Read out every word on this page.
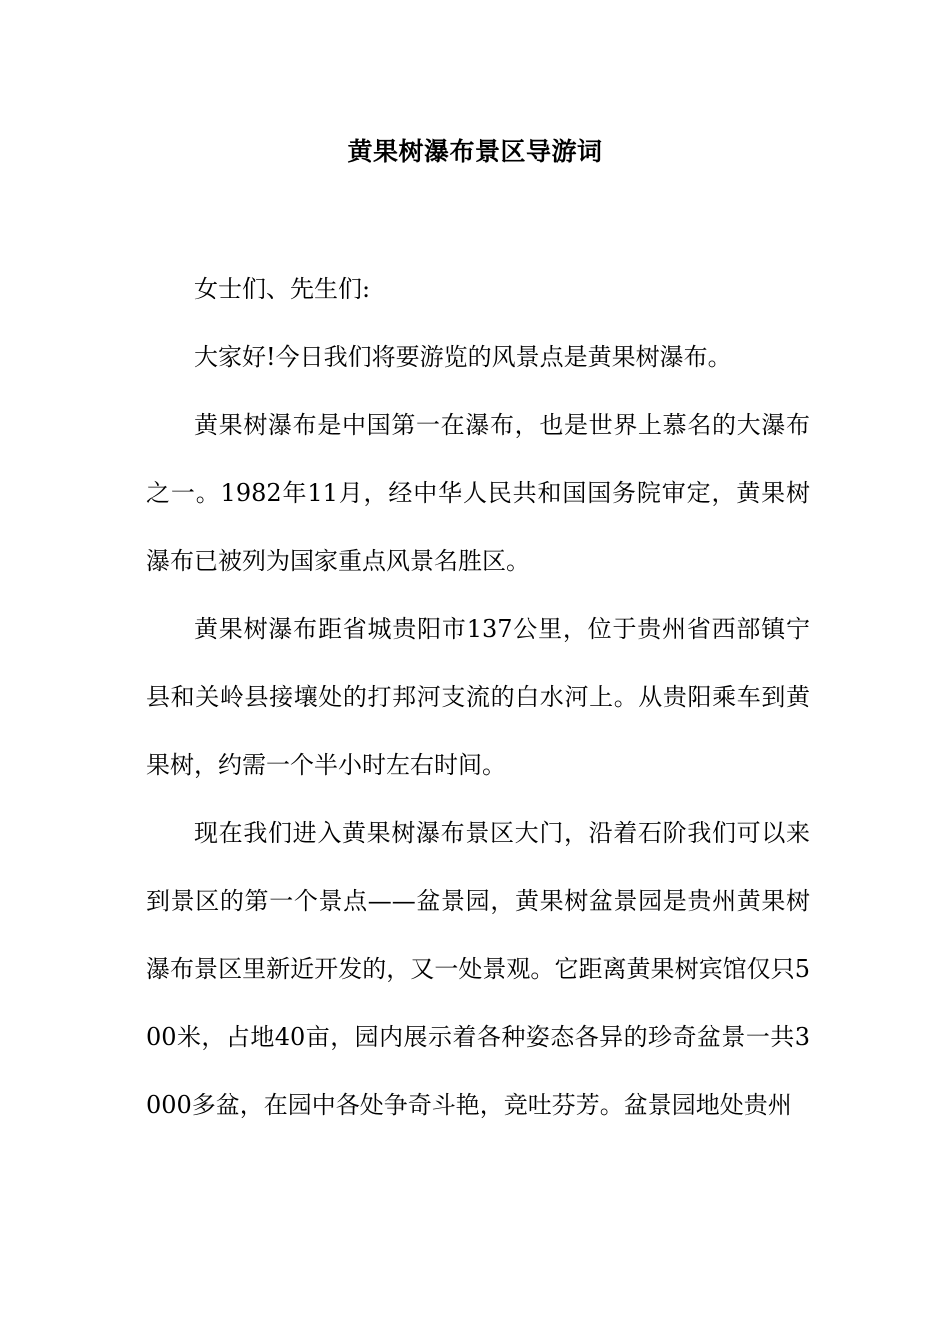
黄果树瀑布景区导游词

女士们、先生们:

大家好!今日我们将要游览的风景点是黄果树瀑布。

黄果树瀑布是中国第一在瀑布，也是世界上慕名的大瀑布之一。1982年11月，经中华人民共和国国务院审定，黄果树瀑布已被列为国家重点风景名胜区。

黄果树瀑布距省城贵阳市137公里，位于贵州省西部镇宁县和关岭县接壤处的打邦河支流的白水河上。从贵阳乘车到黄果树，约需一个半小时左右时间。

现在我们进入黄果树瀑布景区大门，沿着石阶我们可以来到景区的第一个景点——盆景园，黄果树盆景园是贵州黄果树瀑布景区里新近开发的，又一处景观。它距离黄果树宾馆仅只500米，占地40亩，园内展示着各种姿态各异的珍奇盆景一共3000多盆，在园中各处争奇斗艳，竞吐芬芳。盆景园地处贵州
